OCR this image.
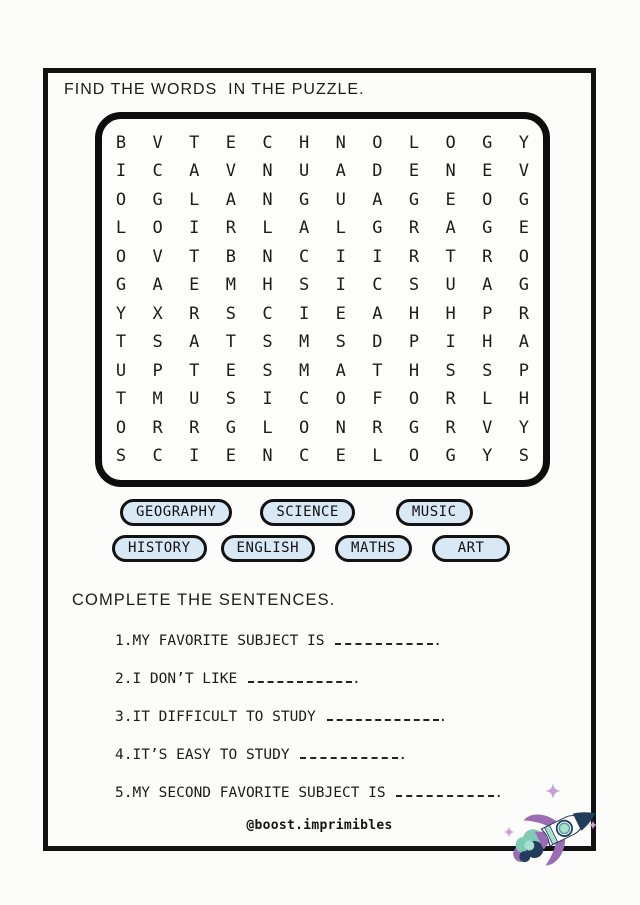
FIND THE WORDS  IN THE PUZZLE.
B	V	T	E	C	H	N	O	L	O	G	Y
I	C	A	V	N	U	A	D	E	N	E	V
O	G	L	A	N	G	U	A	G	E	O	G
L	O	I	R	L	A	L	G	R	A	G	E
O	V	T	B	N	C	I	I	R	T	R	O
G	A	E	M	H	S	I	C	S	U	A	G
Y	X	R	S	C	I	E	A	H	H	P	R
T	S	A	T	S	M	S	D	P	I	H	A
U	P	T	E	S	M	A	T	H	S	S	P
T	M	U	S	I	C	O	F	O	R	L	H
O	R	R	G	L	O	N	R	G	R	V	Y
S	C	I	E	N	C	E	L	O	G	Y	S
GEOGRAPHY	SCIENCE	MUSIC
HISTORY	ENGLISH	MATHS	ART
COMPLETE THE SENTENCES.
1.MY FAVORITE SUBJECT IS	.
2.I DON’T LIKE	.
3.IT DIFFICULT TO STUDY	.
4.IT’S EASY TO STUDY	.
5.MY SECOND FAVORITE SUBJECT IS	.
@boost.imprimibles
